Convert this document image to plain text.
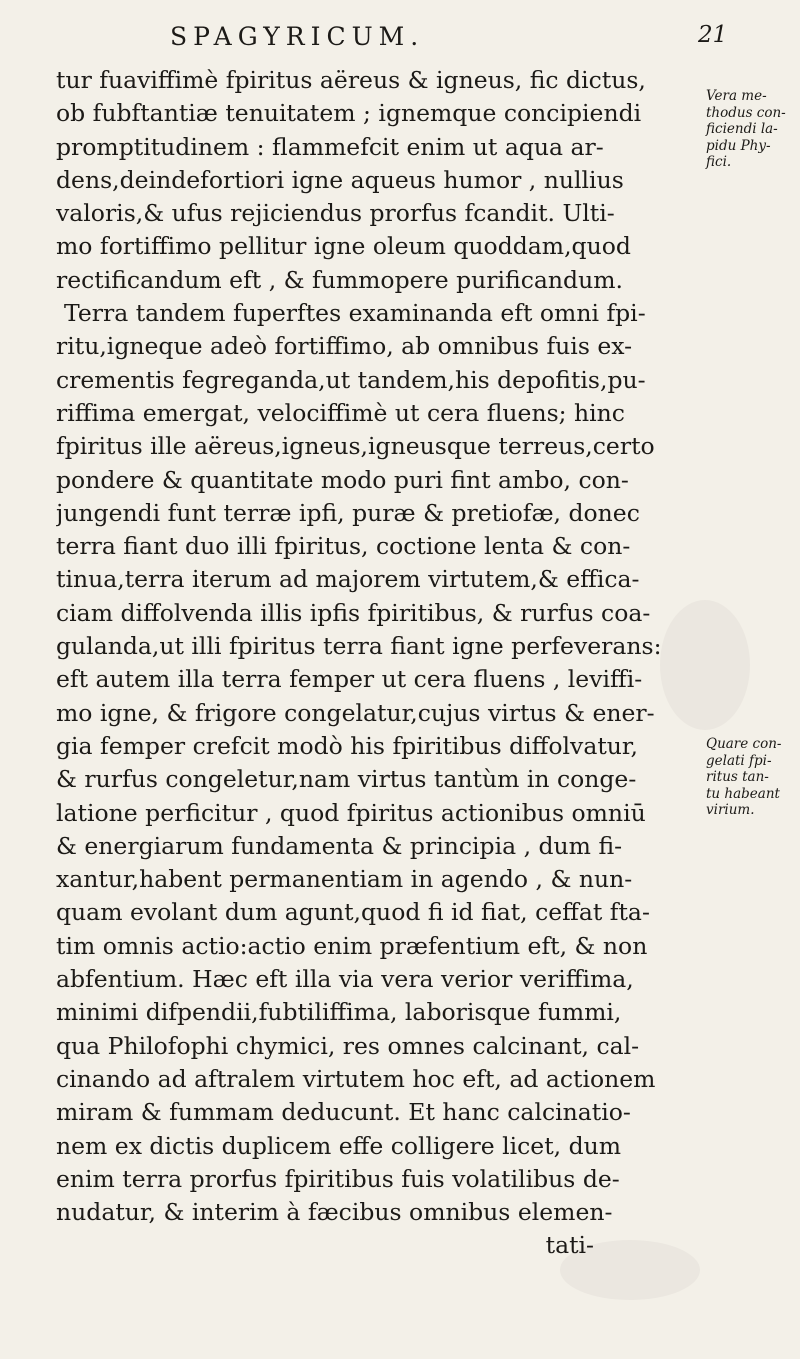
SPAGYRICUM.	21
tur fuaviffimè fpiritus aëreus & igneus, fic dictus,
ob fubftantiæ tenuitatem ; ignemque concipiendi
promptitudinem : flammefcit enim ut aqua ar-
dens,deindefortiori igne aqueus humor , nullius
valoris,& ufus rejiciendus prorfus fcandit. Ulti-
mo fortiffimo pellitur igne oleum quoddam,quod
rectificandum eft , & fummopere purificandum.
Terra tandem fuperftes examinanda eft omni fpi-
ritu,igneque adeò fortiffimo, ab omnibus fuis ex-
crementis fegreganda,ut tandem,his depofitis,pu-
riffima emergat, velociffimè ut cera fluens; hinc
fpiritus ille aëreus,igneus,igneusque terreus,certo
pondere & quantitate modo puri fint ambo, con-
jungendi funt terræ ipfi, puræ & pretiofæ, donec
terra fiant duo illi fpiritus, coctione lenta & con-
tinua,terra iterum ad majorem virtutem,& effica-
ciam diffolvenda illis ipfis fpiritibus, & rurfus coa-
gulanda,ut illi fpiritus terra fiant igne perfeverans:
eft autem illa terra femper ut cera fluens , leviffi-
mo igne, & frigore congelatur,cujus virtus & ener-
gia femper crefcit modò his fpiritibus diffolvatur,
& rurfus congeletur,nam virtus tantùm in conge-
latione perficitur , quod fpiritus actionibus omniū
& energiarum fundamenta & principia , dum fi-
xantur,habent permanentiam in agendo , & nun-
quam evolant dum agunt,quod fi id fiat, ceffat fta-
tim omnis actio:actio enim præfentium eft, & non
abfentium. Hæc eft illa via vera verior veriffima,
minimi difpendii,fubtiliffima, laborisque fummi,
qua Philofophi chymici, res omnes calcinant, cal-
cinando ad aftralem virtutem hoc eft, ad actionem
miram & fummam deducunt. Et hanc calcinatio-
nem ex dictis duplicem effe colligere licet, dum
enim terra prorfus fpiritibus fuis volatilibus de-
nudatur, & interim à fæcibus omnibus elemen-
tati-
Vera me-
thodus con-
ficiendi la-
pidu Phy-
fici.
Quare con-
gelati fpi-
ritus tan-
tu habeant
virium.
